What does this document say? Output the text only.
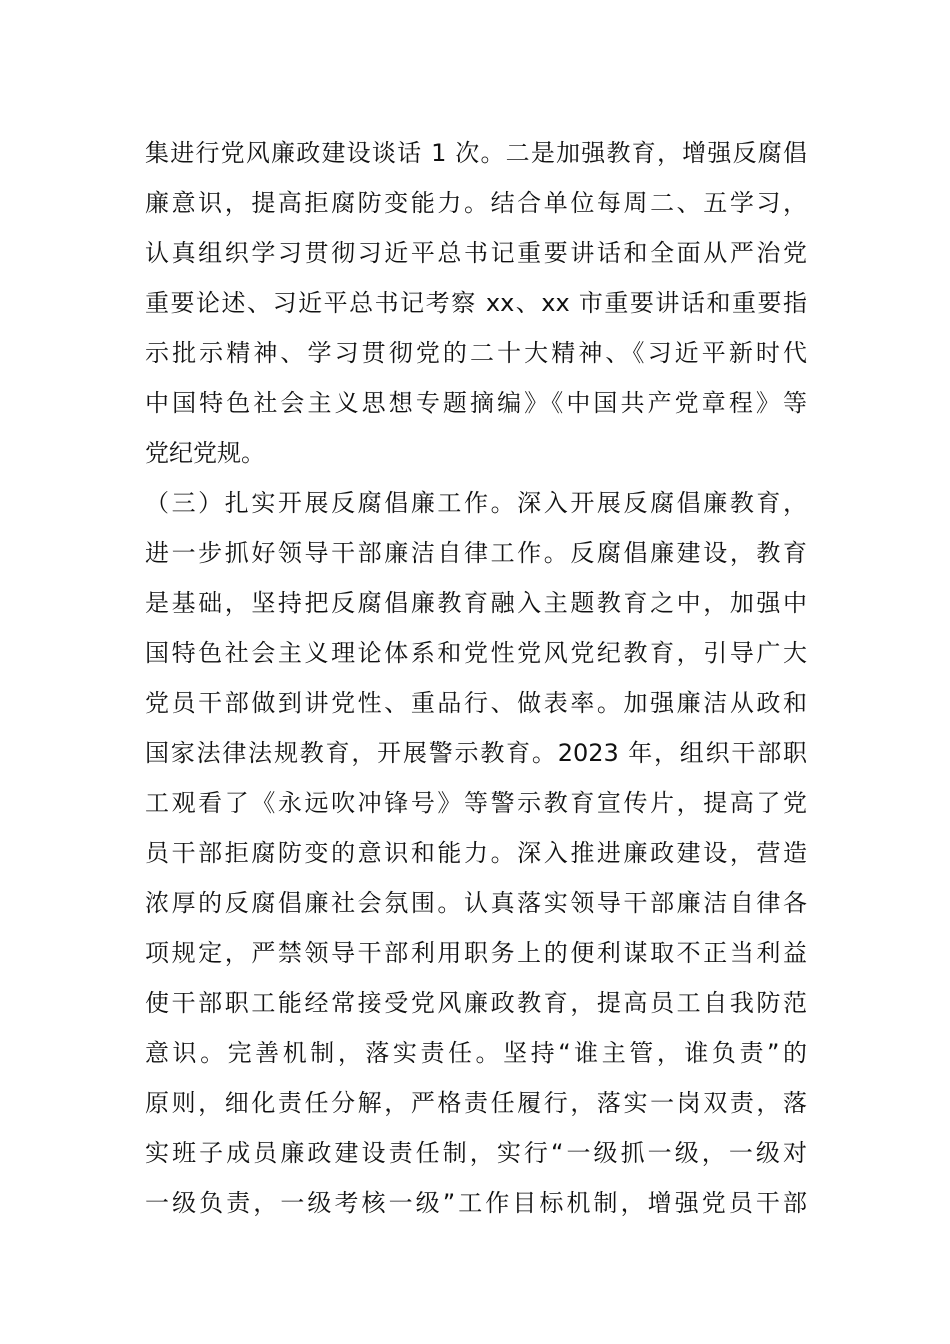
集进行党风廉政建设谈话 1 次。二是加强教育，增强反腐倡
廉意识，提高拒腐防变能力。结合单位每周二、五学习，
认真组织学习贯彻习近平总书记重要讲话和全面从严治党
重要论述、习近平总书记考察 xx、xx 市重要讲话和重要指
示批示精神、学习贯彻党的二十大精神、《习近平新时代
中国特色社会主义思想专题摘编》《中国共产党章程》等
党纪党规。
（三）扎实开展反腐倡廉工作。深入开展反腐倡廉教育，
进一步抓好领导干部廉洁自律工作。反腐倡廉建设，教育
是基础，坚持把反腐倡廉教育融入主题教育之中，加强中
国特色社会主义理论体系和党性党风党纪教育，引导广大
党员干部做到讲党性、重品行、做表率。加强廉洁从政和
国家法律法规教育，开展警示教育。2023 年，组织干部职
工观看了《永远吹冲锋号》等警示教育宣传片，提高了党
员干部拒腐防变的意识和能力。深入推进廉政建设，营造
浓厚的反腐倡廉社会氛围。认真落实领导干部廉洁自律各
项规定，严禁领导干部利用职务上的便利谋取不正当利益
使干部职工能经常接受党风廉政教育，提高员工自我防范
意识。完善机制，落实责任。坚持“谁主管，谁负责”的
原则，细化责任分解，严格责任履行，落实一岗双责，落
实班子成员廉政建设责任制，实行“一级抓一级，一级对
一级负责，一级考核一级”工作目标机制，增强党员干部
